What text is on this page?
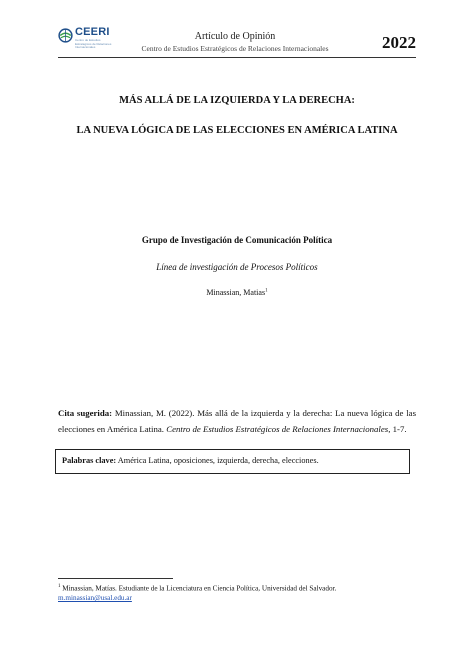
CEERI
Centro de Estudios Estratégicos de Relaciones Internacionales
Artículo de Opinión
Centro de Estudios Estratégicos de Relaciones Internacionales	2022
MÁS ALLÁ DE LA IZQUIERDA Y LA DERECHA:
LA NUEVA LÓGICA DE LAS ELECCIONES EN AMÉRICA LATINA
Grupo de Investigación de Comunicación Política
Línea de investigación de Procesos Políticos
Minassian, Matias$^1$
Cita sugerida: Minassian, M. (2022). Más allá de la izquierda y la derecha: La nueva lógica de las elecciones en América Latina. Centro de Estudios Estratégicos de Relaciones Internacionales, 1-7.
Palabras clave: América Latina, oposiciones, izquierda, derecha, elecciones.
$^1$ Minassian, Matías. Estudiante de la Licenciatura en Ciencia Política, Universidad del Salvador.
m.minassian@usal.edu.ar
